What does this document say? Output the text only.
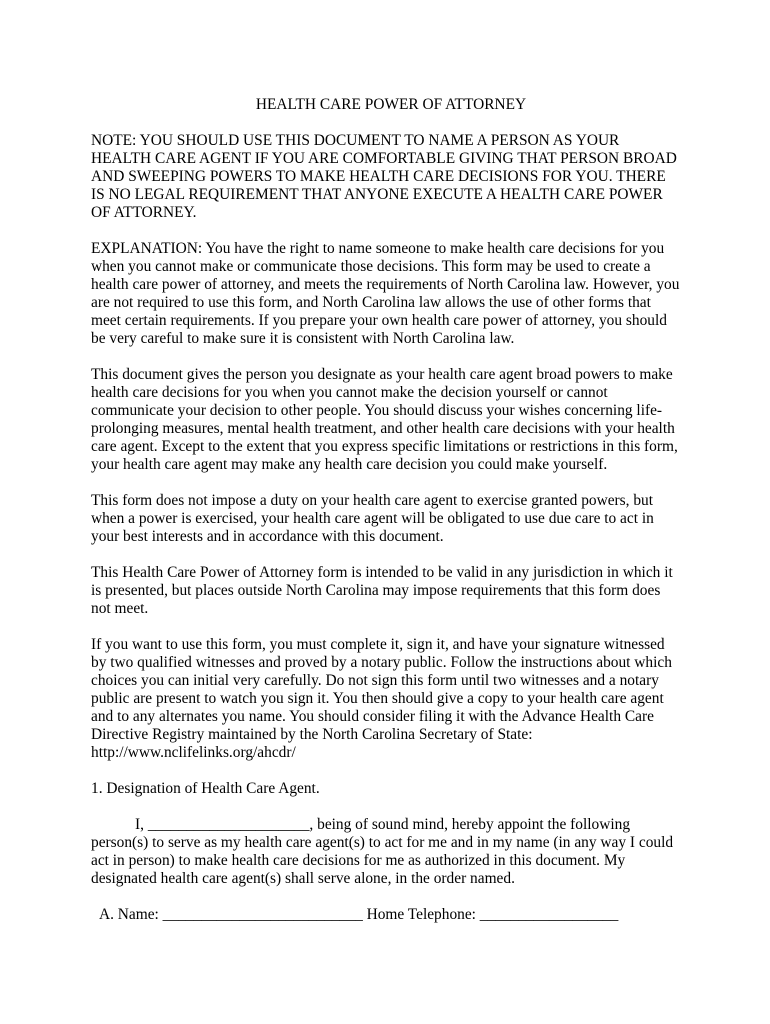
HEALTH CARE POWER OF ATTORNEY

NOTE: YOU SHOULD USE THIS DOCUMENT TO NAME A PERSON AS YOUR HEALTH CARE AGENT IF YOU ARE COMFORTABLE GIVING THAT PERSON BROAD AND SWEEPING POWERS TO MAKE HEALTH CARE DECISIONS FOR YOU. THERE IS NO LEGAL REQUIREMENT THAT ANYONE EXECUTE A HEALTH CARE POWER OF ATTORNEY.

EXPLANATION: You have the right to name someone to make health care decisions for you when you cannot make or communicate those decisions. This form may be used to create a health care power of attorney, and meets the requirements of North Carolina law. However, you are not required to use this form, and North Carolina law allows the use of other forms that meet certain requirements. If you prepare your own health care power of attorney, you should be very careful to make sure it is consistent with North Carolina law.

This document gives the person you designate as your health care agent broad powers to make health care decisions for you when you cannot make the decision yourself or cannot communicate your decision to other people. You should discuss your wishes concerning life-prolonging measures, mental health treatment, and other health care decisions with your health care agent. Except to the extent that you express specific limitations or restrictions in this form, your health care agent may make any health care decision you could make yourself.

This form does not impose a duty on your health care agent to exercise granted powers, but when a power is exercised, your health care agent will be obligated to use due care to act in your best interests and in accordance with this document.

This Health Care Power of Attorney form is intended to be valid in any jurisdiction in which it is presented, but places outside North Carolina may impose requirements that this form does not meet.

If you want to use this form, you must complete it, sign it, and have your signature witnessed by two qualified witnesses and proved by a notary public. Follow the instructions about which choices you can initial very carefully. Do not sign this form until two witnesses and a notary public are present to watch you sign it. You then should give a copy to your health care agent and to any alternates you name. You should consider filing it with the Advance Health Care Directive Registry maintained by the North Carolina Secretary of State: http://www.nclifelinks.org/ahcdr/

1. Designation of Health Care Agent.

I, _____________________, being of sound mind, hereby appoint the following person(s) to serve as my health care agent(s) to act for me and in my name (in any way I could act in person) to make health care decisions for me as authorized in this document. My designated health care agent(s) shall serve alone, in the order named.

A. Name: __________________________ Home Telephone: __________________
